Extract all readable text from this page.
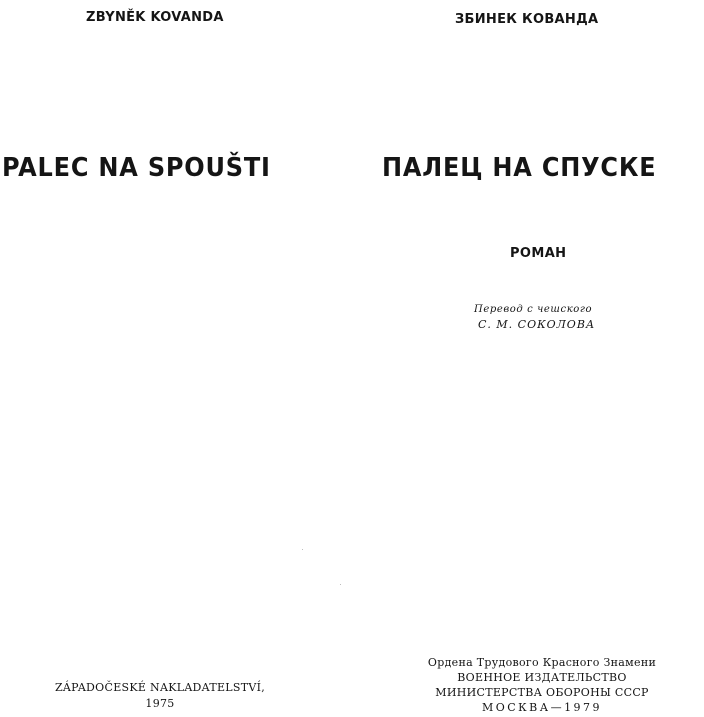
ZBYNĚK KOVANDA
PALEC NA SPOUŠTI
ZÁPADOČESKÉ NAKLADATELSTVÍ,
1975
ЗБИНЕК КОВАНДА
ПАЛЕЦ НА СПУСКЕ
РОМАН
Перевод с чешского
С. М. СОКОЛОВА
Ордена Трудового Красного Знамени
ВОЕННОЕ ИЗДАТЕЛЬСТВО
МИНИСТЕРСТВА ОБОРОНЫ СССР
МОСКВА—1979
